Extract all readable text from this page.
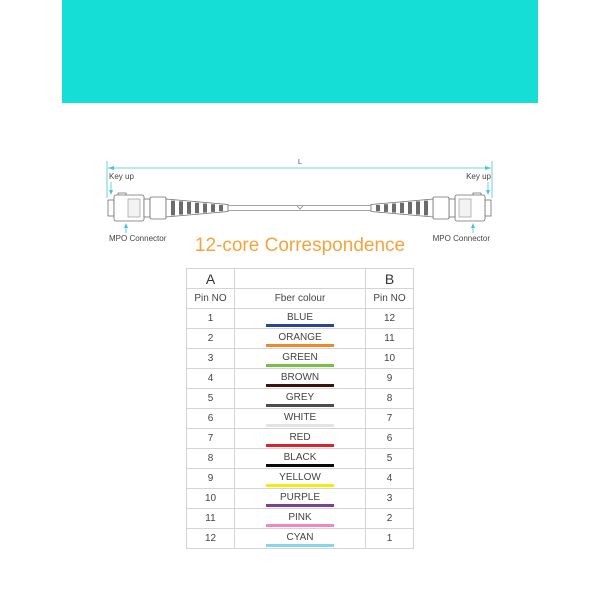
L
Key up	Key up
MPO Connector	MPO Connector
12-core Correspondence
A		B
Pin NO	Fber colour	Pin NO
1	BLUE	12
2	ORANGE	11
3	GREEN	10
4	BROWN	9
5	GREY	8
6	WHITE	7
7	RED	6
8	BLACK	5
9	YELLOW	4
10	PURPLE	3
11	PINK	2
12	CYAN	1
